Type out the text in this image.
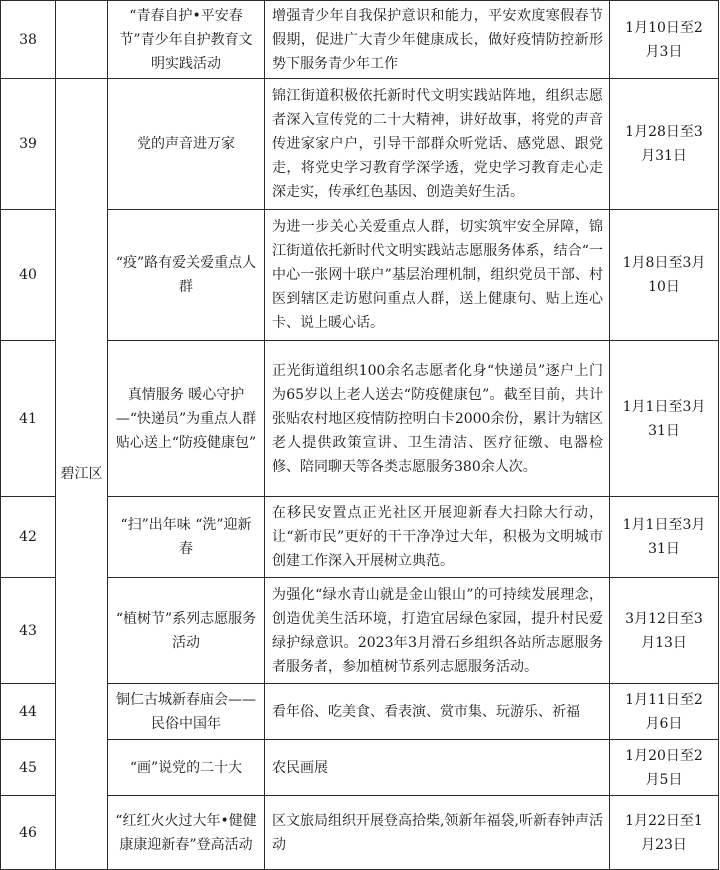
38		“青春自护•平安春节”青少年自护教育文明实践活动	增强青少年自我保护意识和能力，平安欢度寒假春节假期，促进广大青少年健康成长，做好疫情防控新形势下服务青少年工作	1月10日至2月3日
39	碧江区	党的声音进万家	锦江街道积极依托新时代文明实践站阵地，组织志愿者深入宣传党的二十大精神，讲好故事，将党的声音传进家家户户，引导干部群众听党话、感党恩、跟党走，将党史学习教育学深学透，党史学习教育走心走深走实，传承红色基因、创造美好生活。	1月28日至3月31日
40		“疫”路有爱关爱重点人群	为进一步关心关爱重点人群，切实筑牢安全屏障，锦江街道依托新时代文明实践站志愿服务体系，结合“一中心一张网十联户”基层治理机制，组织党员干部、村医到辖区走访慰问重点人群，送上健康句、贴上连心卡、说上暖心话。	1月8日至3月10日
41		真情服务 暖心守护—“快递员”为重点人群贴心送上“防疫健康包”	正光街道组织100余名志愿者化身“快递员”逐户上门为65岁以上老人送去“防疫健康包”。截至目前，共计张贴农村地区疫情防控明白卡2000余份，累计为辖区老人提供政策宣讲、卫生清洁、医疗征缴、电器检修、陪同聊天等各类志愿服务380余人次。	1月1日至3月31日
42		“扫”出年味 “洗”迎新春	在移民安置点正光社区开展迎新春大扫除大行动，让“新市民”更好的干干净净过大年，积极为文明城市创建工作深入开展树立典范。	1月1日至3月31日
43		“植树节”系列志愿服务活动	为强化“绿水青山就是金山银山”的可持续发展理念，创造优美生活环境，打造宜居绿色家园，提升村民爱绿护绿意识。2023年3月滑石乡组织各站所志愿服务者服务者，参加植树节系列志愿服务活动。	3月12日至3月13日
44		铜仁古城新春庙会——民俗中国年	看年俗、吃美食、看表演、赏市集、玩游乐、祈福	1月11日至2月6日
45		“画”说党的二十大	农民画展	1月20日至2月5日
46		“红红火火过大年•健健康康迎新春”登高活动	区文旅局组织开展登高拾柴,领新年福袋,听新春钟声活动	1月22日至1月23日
